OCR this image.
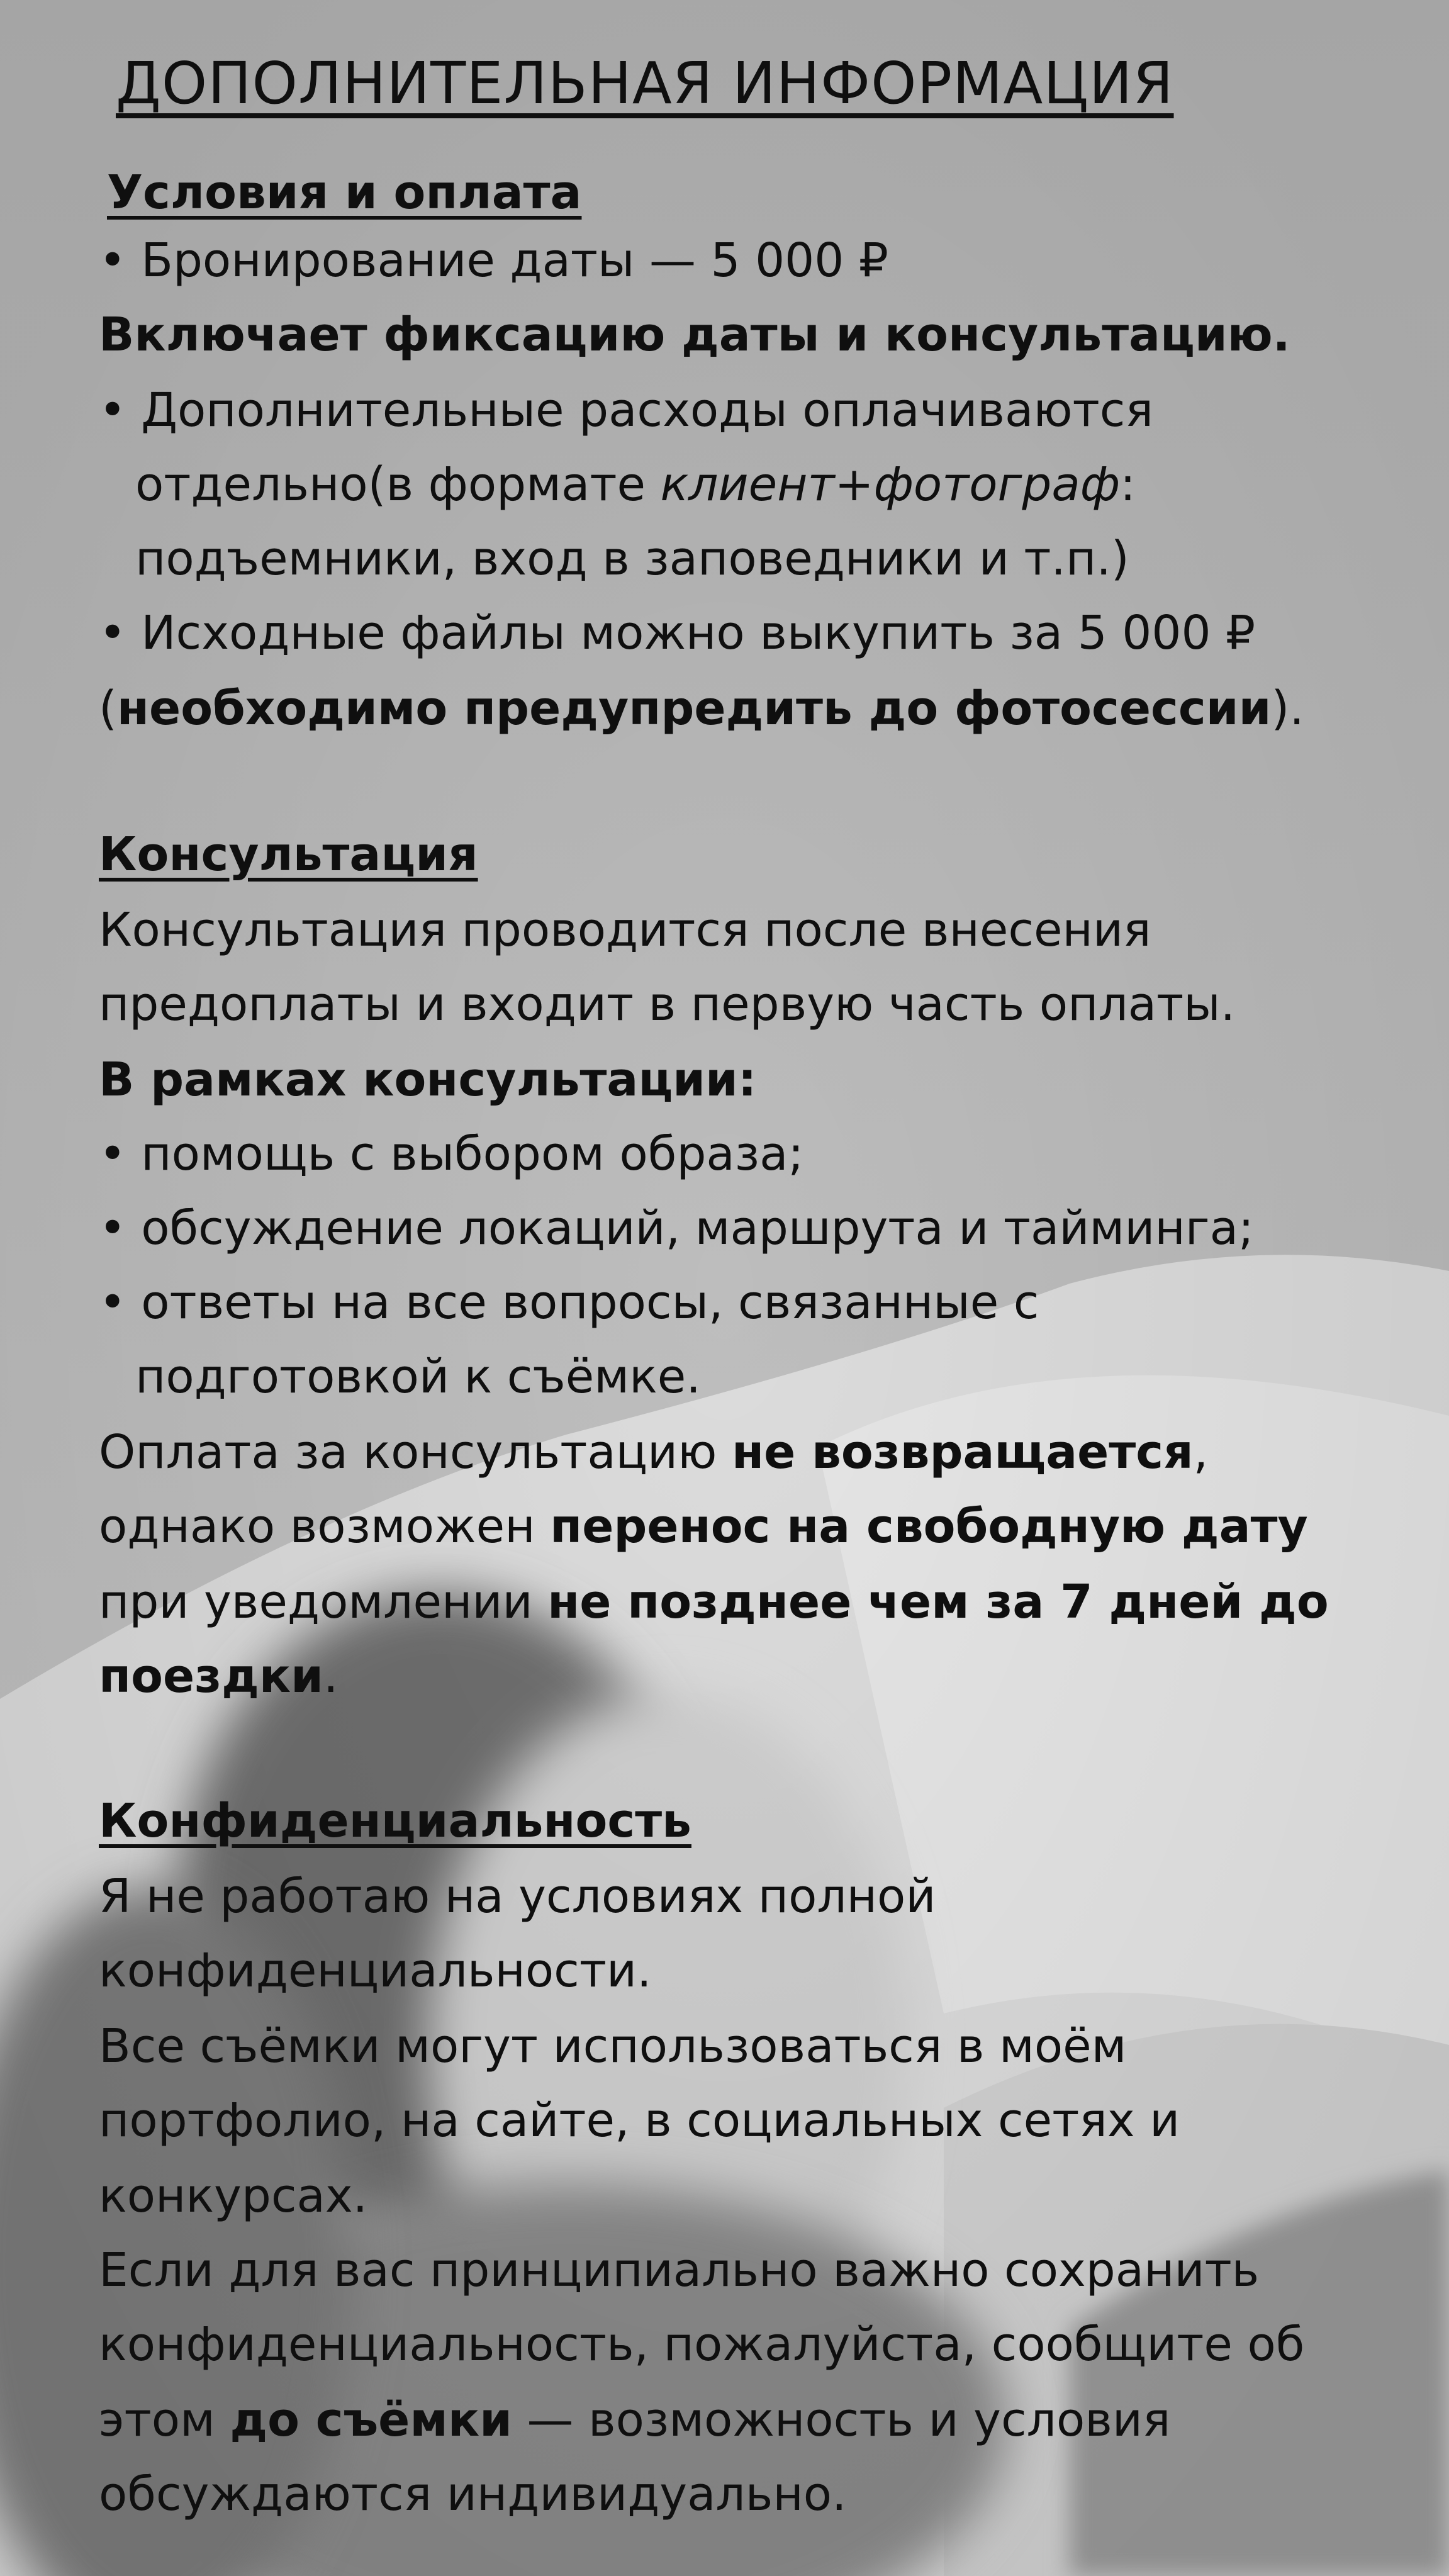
ДОПОЛНИТЕЛЬНАЯ ИНФОРМАЦИЯ
Условия и оплата
• Бронирование даты — 5 000 ₽
Включает фиксацию даты и консультацию.
• Дополнительные расходы оплачиваются
отдельно(в формате клиент+фотограф:
подъемники, вход в заповедники и т.п.)
• Исходные файлы можно выкупить за 5 000 ₽
(необходимо предупредить до фотосессии).
Консультация
Консультация проводится после внесения
предоплаты и входит в первую часть оплаты.
В рамках консультации:
• помощь с выбором образа;
• обсуждение локаций, маршрута и тайминга;
• ответы на все вопросы, связанные с
подготовкой к съёмке.
Оплата за консультацию не возвращается,
однако возможен перенос на свободную дату
при уведомлении не позднее чем за 7 дней до
поездки.
Конфиденциальность
Я не работаю на условиях полной
конфиденциальности.
Все съёмки могут использоваться в моём
портфолио, на сайте, в социальных сетях и
конкурсах.
Если для вас принципиально важно сохранить
конфиденциальность, пожалуйста, сообщите об
этом до съёмки — возможность и условия
обсуждаются индивидуально.
